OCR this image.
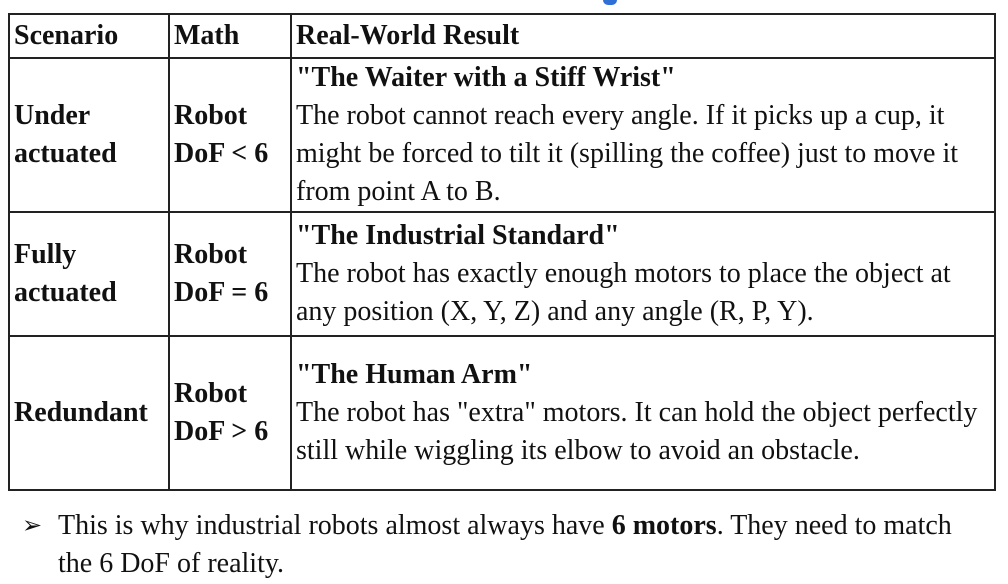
Scenario	Math	Real-World Result
Under actuated	Robot DoF < 6	"The Waiter with a Stiff Wrist"
The robot cannot reach every angle. If it picks up a cup, it might be forced to tilt it (spilling the coffee) just to move it from point A to B.

Fully actuated	Robot DoF = 6	"The Industrial Standard"
The robot has exactly enough motors to place the object at any position (X, Y, Z) and any angle (R, P, Y).

Redundant	Robot DoF > 6	"The Human Arm"
The robot has "extra" motors. It can hold the object perfectly still while wiggling its elbow to avoid an obstacle.
➢ This is why industrial robots almost always have 6 motors. They need to match the 6 DoF of reality.
